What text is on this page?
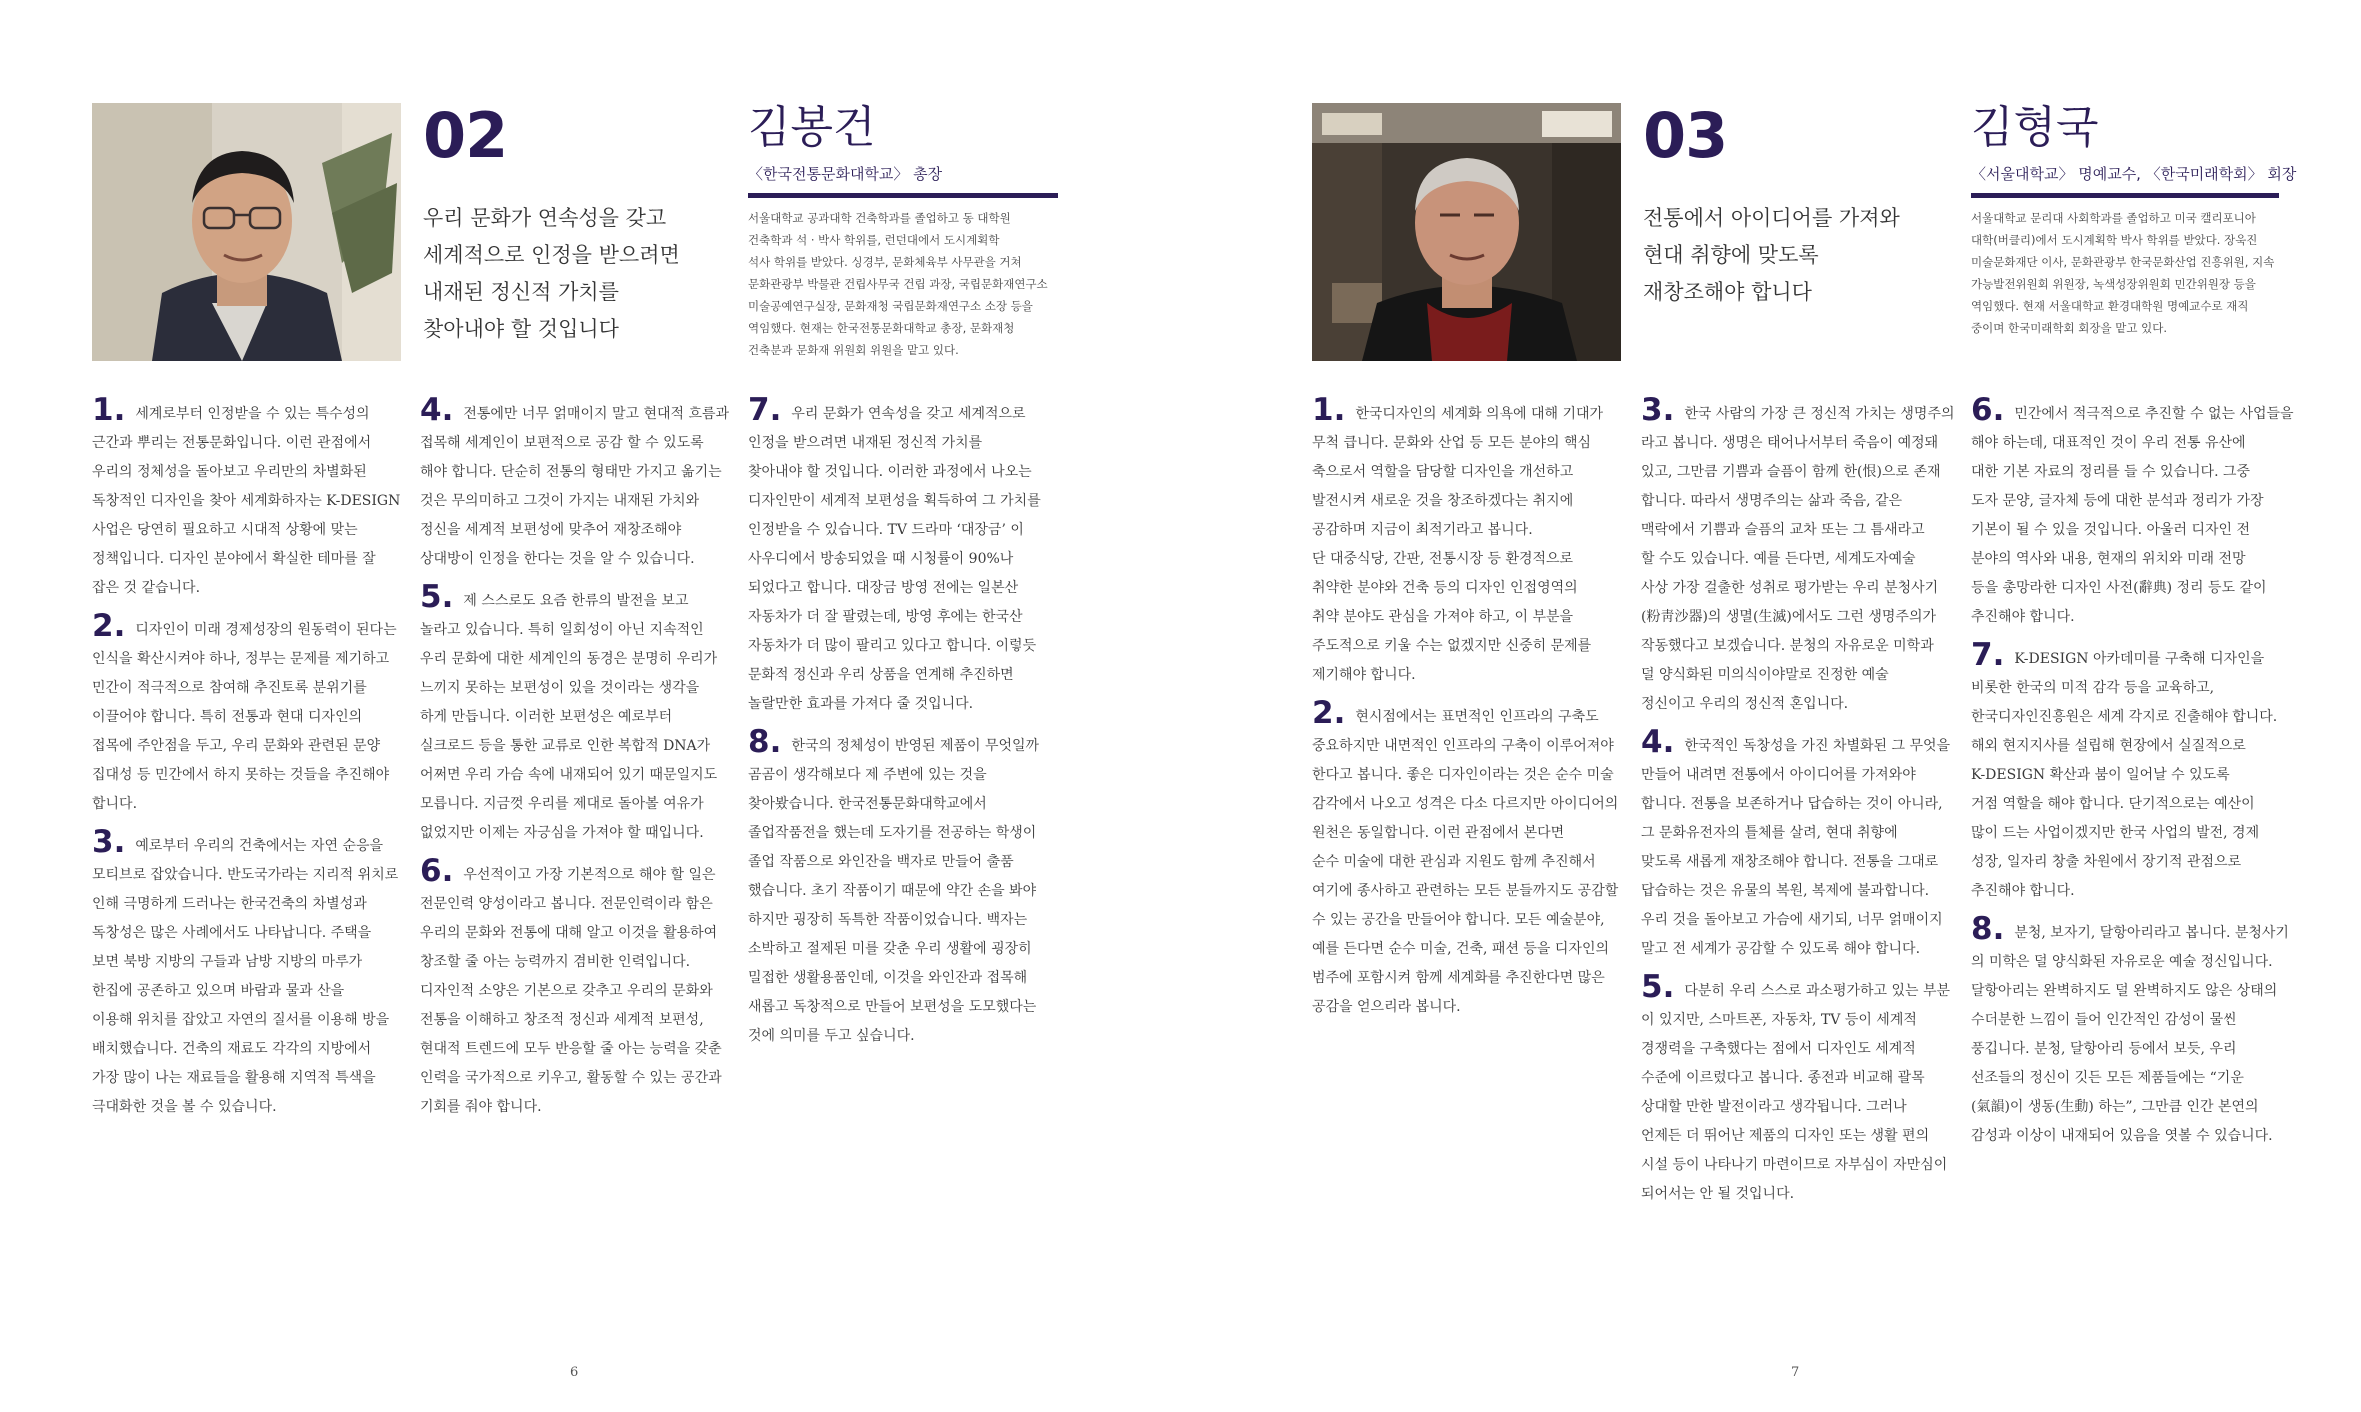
02
우리 문화가 연속성을 갖고
세계적으로 인정을 받으려면
내재된 정신적 가치를
찾아내야 할 것입니다
김봉건
〈한국전통문화대학교〉 총장
서울대학교 공과대학 건축학과를 졸업하고 동 대학원
건축학과 석 · 박사 학위를, 런던대에서 도시계획학
석사 학위를 받았다. 싱경부, 문화체육부 사무관을 거쳐
문화관광부 박물관 건립사무국 건립 과장, 국립문화재연구소
미술공예연구실장, 문화재청 국립문화재연구소 소장 등을
역임했다. 현재는 한국전통문화대학교 총장, 문화재청
건축분과 문화재 위원회 위원을 맡고 있다.
1. 세계로부터 인정받을 수 있는 특수성의
근간과 뿌리는 전통문화입니다. 이런 관점에서
우리의 정체성을 돌아보고 우리만의 차별화된
독창적인 디자인을 찾아 세계화하자는 K-DESIGN
사업은 당연히 필요하고 시대적 상황에 맞는
정책입니다. 디자인 분야에서 확실한 테마를 잘
잡은 것 같습니다.
2. 디자인이 미래 경제성장의 원동력이 된다는
인식을 확산시켜야 하나, 정부는 문제를 제기하고
민간이 적극적으로 참여해 추진토록 분위기를
이끌어야 합니다. 특히 전통과 현대 디자인의
접목에 주안점을 두고, 우리 문화와 관련된 문양
집대성 등 민간에서 하지 못하는 것들을 추진해야
합니다.
3. 예로부터 우리의 건축에서는 자연 순응을
모티브로 잡았습니다. 반도국가라는 지리적 위치로
인해 극명하게 드러나는 한국건축의 차별성과
독창성은 많은 사례에서도 나타납니다. 주택을
보면 북방 지방의 구들과 남방 지방의 마루가
한집에 공존하고 있으며 바람과 물과 산을
이용해 위치를 잡았고 자연의 질서를 이용해 방을
배치했습니다. 건축의 재료도 각각의 지방에서
가장 많이 나는 재료들을 활용해 지역적 특색을
극대화한 것을 볼 수 있습니다.
4. 전통에만 너무 얽매이지 말고 현대적 흐름과
접목해 세계인이 보편적으로 공감 할 수 있도록
해야 합니다. 단순히 전통의 형태만 가지고 옮기는
것은 무의미하고 그것이 가지는 내재된 가치와
정신을 세계적 보편성에 맞추어 재창조해야
상대방이 인정을 한다는 것을 알 수 있습니다.
5. 제 스스로도 요즘 한류의 발전을 보고
놀라고 있습니다. 특히 일회성이 아닌 지속적인
우리 문화에 대한 세계인의 동경은 분명히 우리가
느끼지 못하는 보편성이 있을 것이라는 생각을
하게 만듭니다. 이러한 보편성은 예로부터
실크로드 등을 통한 교류로 인한 복합적 DNA가
어쩌면 우리 가슴 속에 내재되어 있기 때문일지도
모릅니다. 지금껏 우리를 제대로 돌아볼 여유가
없었지만 이제는 자긍심을 가져야 할 때입니다.
6. 우선적이고 가장 기본적으로 해야 할 일은
전문인력 양성이라고 봅니다. 전문인력이라 함은
우리의 문화와 전통에 대해 알고 이것을 활용하여
창조할 줄 아는 능력까지 겸비한 인력입니다.
디자인적 소양은 기본으로 갖추고 우리의 문화와
전통을 이해하고 창조적 정신과 세계적 보편성,
현대적 트렌드에 모두 반응할 줄 아는 능력을 갖춘
인력을 국가적으로 키우고, 활동할 수 있는 공간과
기회를 줘야 합니다.
7. 우리 문화가 연속성을 갖고 세계적으로
인정을 받으려면 내재된 정신적 가치를
찾아내야 할 것입니다. 이러한 과정에서 나오는
디자인만이 세계적 보편성을 획득하여 그 가치를
인정받을 수 있습니다. TV 드라마 ‘대장금’ 이
사우디에서 방송되었을 때 시청률이 90%나
되었다고 합니다. 대장금 방영 전에는 일본산
자동차가 더 잘 팔렸는데, 방영 후에는 한국산
자동차가 더 많이 팔리고 있다고 합니다. 이렇듯
문화적 정신과 우리 상품을 연계해 추진하면
놀랄만한 효과를 가져다 줄 것입니다.
8. 한국의 정체성이 반영된 제품이 무엇일까
곰곰이 생각해보다 제 주변에 있는 것을
찾아봤습니다. 한국전통문화대학교에서
졸업작품전을 했는데 도자기를 전공하는 학생이
졸업 작품으로 와인잔을 백자로 만들어 출품
했습니다. 초기 작품이기 때문에 약간 손을 봐야
하지만 굉장히 독특한 작품이었습니다. 백자는
소박하고 절제된 미를 갖춘 우리 생활에 굉장히
밀접한 생활용품인데, 이것을 와인잔과 접목해
새롭고 독창적으로 만들어 보편성을 도모했다는
것에 의미를 두고 싶습니다.
6
03
전통에서 아이디어를 가져와
현대 취향에 맞도록
재창조해야 합니다
김형국
〈서울대학교〉 명예교수, 〈한국미래학회〉 회장
서울대학교 문리대 사회학과를 졸업하고 미국 캘리포니아
대학(버클리)에서 도시계획학 박사 학위를 받았다. 장욱진
미술문화재단 이사, 문화관광부 한국문화산업 진흥위원, 지속
가능발전위원회 위원장, 녹색성장위원회 민간위원장 등을
역임했다. 현재 서울대학교 환경대학원 명예교수로 재직
중이며 한국미래학회 회장을 맡고 있다.
1. 한국디자인의 세계화 의욕에 대해 기대가
무척 큽니다. 문화와 산업 등 모든 분야의 핵심
축으로서 역할을 담당할 디자인을 개선하고
발전시켜 새로운 것을 창조하겠다는 취지에
공감하며 지금이 최적기라고 봅니다.
단 대중식당, 간판, 전통시장 등 환경적으로
취약한 분야와 건축 등의 디자인 인접영역의
취약 분야도 관심을 가져야 하고, 이 부분을
주도적으로 키울 수는 없겠지만 신중히 문제를
제기해야 합니다.
2. 현시점에서는 표면적인 인프라의 구축도
중요하지만 내면적인 인프라의 구축이 이루어져야
한다고 봅니다. 좋은 디자인이라는 것은 순수 미술
감각에서 나오고 성격은 다소 다르지만 아이디어의
원천은 동일합니다. 이런 관점에서 본다면
순수 미술에 대한 관심과 지원도 함께 추진해서
여기에 종사하고 관련하는 모든 분들까지도 공감할
수 있는 공간을 만들어야 합니다. 모든 예술분야,
예를 든다면 순수 미술, 건축, 패션 등을 디자인의
범주에 포함시켜 함께 세계화를 추진한다면 많은
공감을 얻으리라 봅니다.
3. 한국 사람의 가장 큰 정신적 가치는 생명주의
라고 봅니다. 생명은 태어나서부터 죽음이 예정돼
있고, 그만큼 기쁨과 슬픔이 함께 한(恨)으로 존재
합니다. 따라서 생명주의는 삶과 죽음, 같은
맥락에서 기쁨과 슬픔의 교차 또는 그 틈새라고
할 수도 있습니다. 예를 든다면, 세계도자예술
사상 가장 걸출한 성취로 평가받는 우리 분청사기
(粉靑沙器)의 생멸(生滅)에서도 그런 생명주의가
작동했다고 보겠습니다. 분청의 자유로운 미학과
덜 양식화된 미의식이야말로 진정한 예술
정신이고 우리의 정신적 혼입니다.
4. 한국적인 독창성을 가진 차별화된 그 무엇을
만들어 내려면 전통에서 아이디어를 가져와야
합니다. 전통을 보존하거나 답습하는 것이 아니라,
그 문화유전자의 틀체를 살려, 현대 취향에
맞도록 새롭게 재창조해야 합니다. 전통을 그대로
답습하는 것은 유물의 복원, 복제에 불과합니다.
우리 것을 돌아보고 가슴에 새기되, 너무 얽매이지
말고 전 세계가 공감할 수 있도록 해야 합니다.
5. 다분히 우리 스스로 과소평가하고 있는 부분
이 있지만, 스마트폰, 자동차, TV 등이 세계적
경쟁력을 구축했다는 점에서 디자인도 세계적
수준에 이르렀다고 봅니다. 종전과 비교해 괄목
상대할 만한 발전이라고 생각됩니다. 그러나
언제든 더 뛰어난 제품의 디자인 또는 생활 편의
시설 등이 나타나기 마련이므로 자부심이 자만심이
되어서는 안 될 것입니다.
6. 민간에서 적극적으로 추진할 수 없는 사업들을
해야 하는데, 대표적인 것이 우리 전통 유산에
대한 기본 자료의 정리를 들 수 있습니다. 그중
도자 문양, 글자체 등에 대한 분석과 정리가 가장
기본이 될 수 있을 것입니다. 아울러 디자인 전
분야의 역사와 내용, 현재의 위치와 미래 전망
등을 총망라한 디자인 사전(辭典) 정리 등도 같이
추진해야 합니다.
7. K-DESIGN 아카데미를 구축해 디자인을
비롯한 한국의 미적 감각 등을 교육하고,
한국디자인진흥원은 세계 각지로 진출해야 합니다.
해외 현지지사를 설립해 현장에서 실질적으로
K-DESIGN 확산과 붐이 일어날 수 있도록
거점 역할을 해야 합니다. 단기적으로는 예산이
많이 드는 사업이겠지만 한국 사업의 발전, 경제
성장, 일자리 창출 차원에서 장기적 관점으로
추진해야 합니다.
8. 분청, 보자기, 달항아리라고 봅니다. 분청사기
의 미학은 덜 양식화된 자유로운 예술 정신입니다.
달항아리는 완벽하지도 덜 완벽하지도 않은 상태의
수더분한 느낌이 들어 인간적인 감성이 물씬
풍깁니다. 분청, 달항아리 등에서 보듯, 우리
선조들의 정신이 깃든 모든 제품들에는 “기운
(氣韻)이 생동(生動) 하는”, 그만큼 인간 본연의
감성과 이상이 내재되어 있음을 엿볼 수 있습니다.
7
